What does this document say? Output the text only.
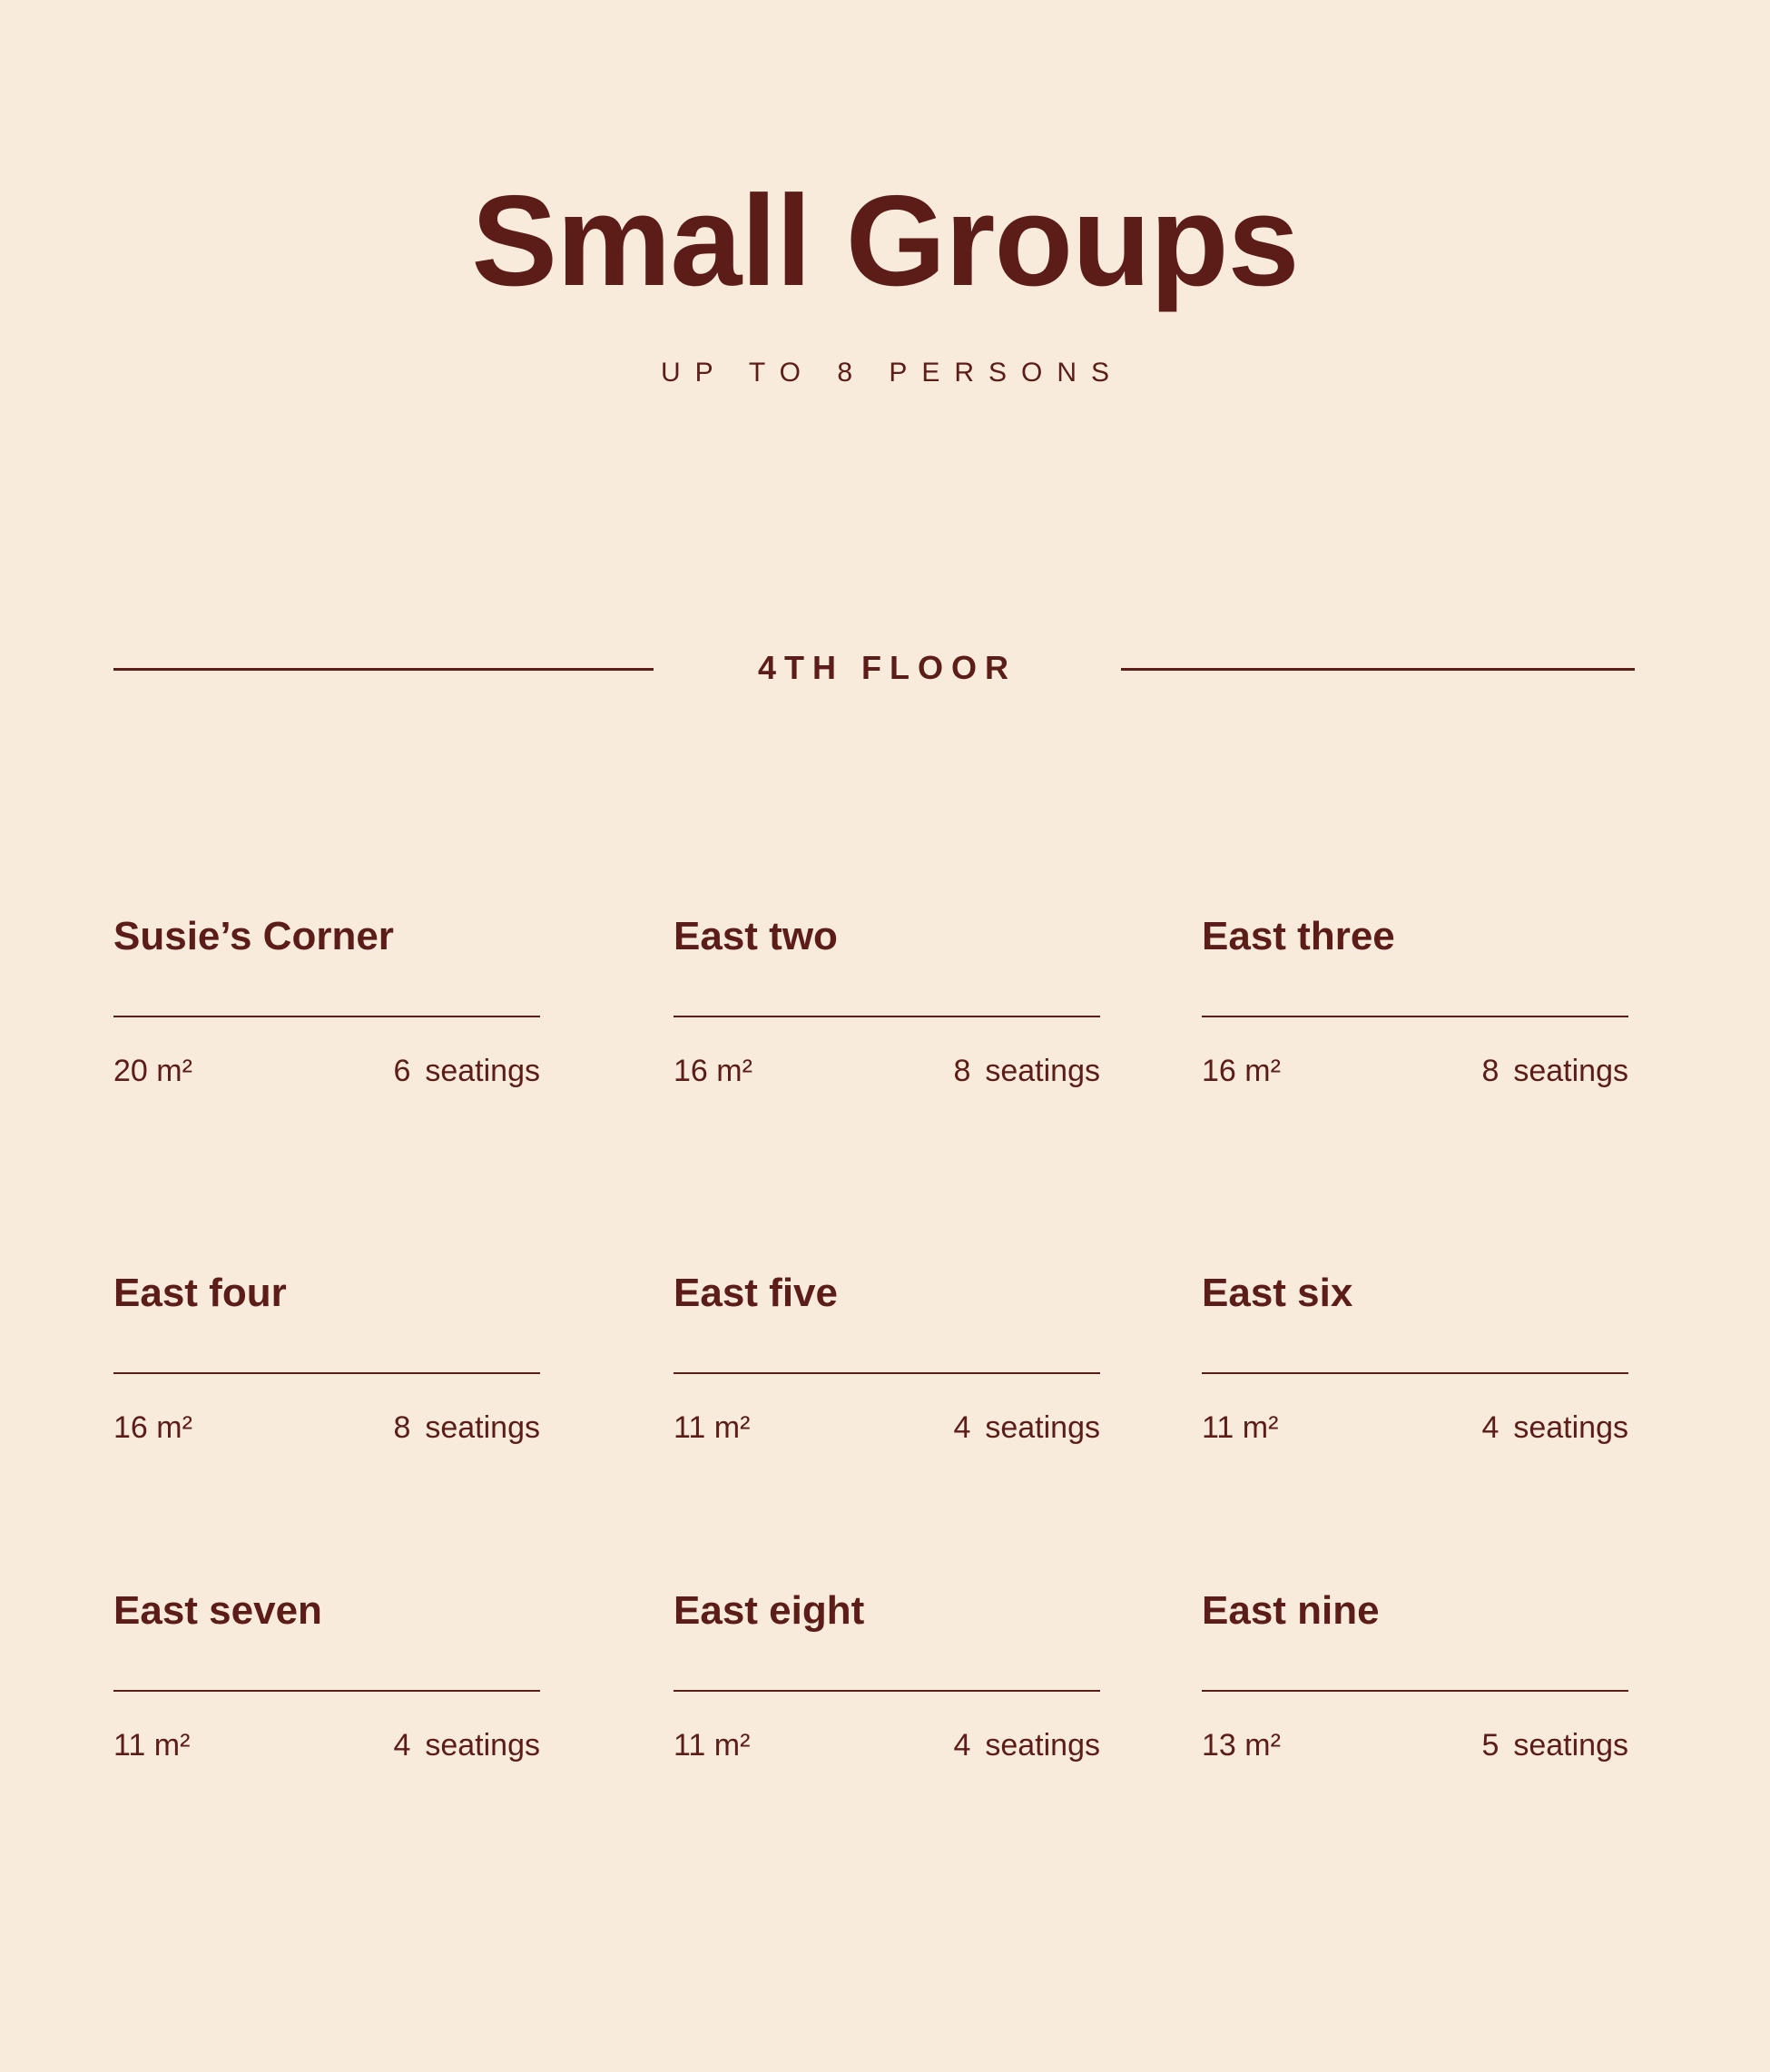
Small Groups
UP TO 8 PERSONS
4TH FLOOR
Susie’s Corner
20 m²	6 seatings
East two
16 m²	8 seatings
East three
16 m²	8 seatings
East four
16 m²	8 seatings
East five
11 m²	4 seatings
East six
11 m²	4 seatings
East seven
11 m²	4 seatings
East eight
11 m²	4 seatings
East nine
13 m²	5 seatings
